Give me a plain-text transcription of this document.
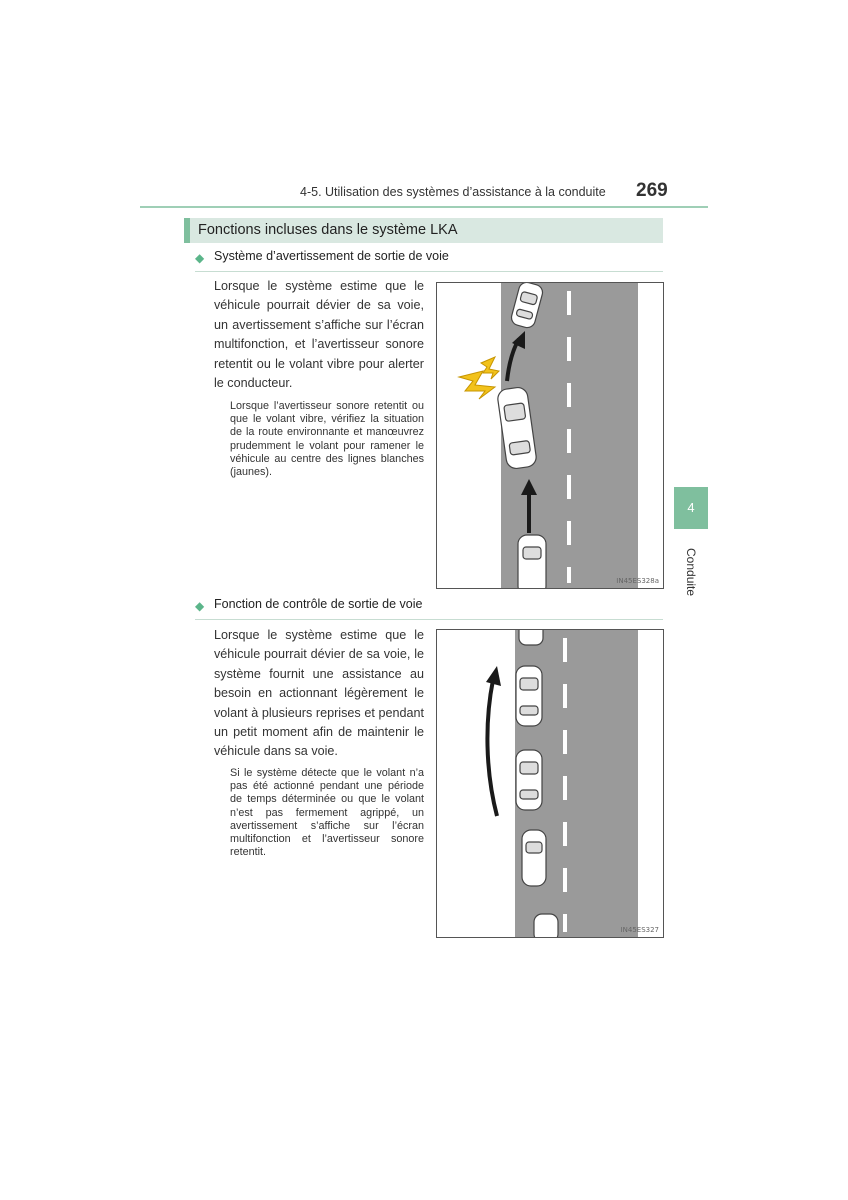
4-5. Utilisation des systèmes d’assistance à la conduite 269
Fonctions incluses dans le système LKA
◆ Système d’avertissement de sortie de voie
Lorsque le système estime que le véhicule pourrait dévier de sa voie, un avertissement s’affiche sur l’écran multifonction, et l’avertisseur sonore retentit ou le volant vibre pour alerter le conducteur.
Lorsque l’avertisseur sonore retentit ou que le volant vibre, vérifiez la situation de la route environnante et manœuvrez prudemment le volant pour ramener le véhicule au centre des lignes blanches (jaunes).
IN45ES328a
◆ Fonction de contrôle de sortie de voie
Lorsque le système estime que le véhicule pourrait dévier de sa voie, le système fournit une assistance au besoin en actionnant légèrement le volant à plusieurs reprises et pendant un petit moment afin de maintenir le véhicule dans sa voie.
Si le système détecte que le volant n’a pas été actionné pendant une période de temps déterminée ou que le volant n’est pas fermement agrippé, un avertissement s’affiche sur l’écran multifonction et l’avertisseur sonore retentit.
IN45ES327
4
Conduite
